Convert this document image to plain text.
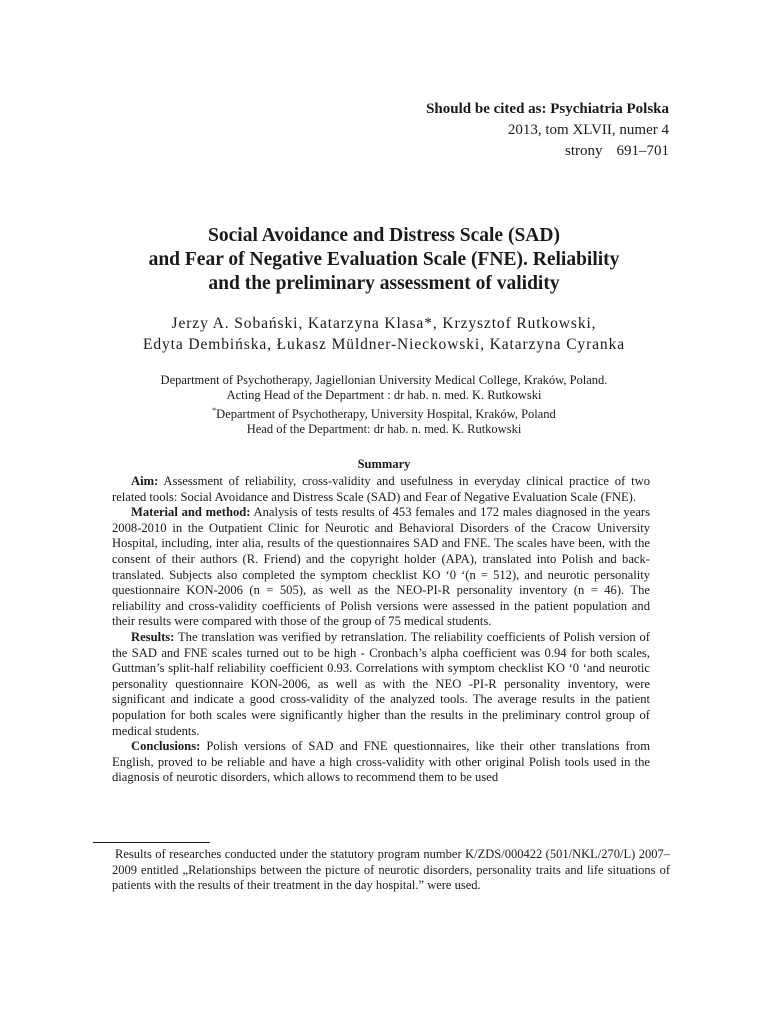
Should be cited as: Psychiatria Polska
2013, tom XLVII, numer 4
strony 691–701
Social Avoidance and Distress Scale (SAD)
and Fear of Negative Evaluation Scale (FNE). Reliability
and the preliminary assessment of validity
Jerzy A. Sobański, Katarzyna Klasa*, Krzysztof Rutkowski,
Edyta Dembińska, Łukasz Müldner-Nieckowski, Katarzyna Cyranka
Department of Psychotherapy, Jagiellonian University Medical College, Kraków, Poland.
Acting Head of the Department : dr hab. n. med. K. Rutkowski
*Department of Psychotherapy, University Hospital, Kraków, Poland
Head of the Department: dr hab. n. med. K. Rutkowski
Summary

Aim: Assessment of reliability, cross-validity and usefulness in everyday clinical practice of two related tools: Social Avoidance and Distress Scale (SAD) and Fear of Negative Evaluation Scale (FNE).

Material and method: Analysis of tests results of 453 females and 172 males diagnosed in the years 2008-2010 in the Outpatient Clinic for Neurotic and Behavioral Disorders of the Cracow University Hospital, including, inter alia, results of the questionnaires SAD and FNE. The scales have been, with the consent of their authors (R. Friend) and the copyright holder (APA), translated into Polish and back-translated. Subjects also completed the symptom checklist KO ‘0 ‘(n = 512), and neurotic personality questionnaire KON-2006 (n = 505), as well as the NEO-PI-R personality inventory (n = 46). The reliability and cross-validity coefficients of Polish versions were assessed in the patient population and their results were compared with those of the group of 75 medical students.

Results: The translation was verified by retranslation. The reliability coefficients of Polish version of the SAD and FNE scales turned out to be high - Cronbach’s alpha coefficient was 0.94 for both scales, Guttman’s split-half reliability coefficient 0.93. Correlations with symptom checklist KO ‘0 ‘and neurotic personality questionnaire KON-2006, as well as with the NEO -PI-R personality inventory, were significant and indicate a good cross-validity of the analyzed tools. The average results in the patient population for both scales were significantly higher than the results in the preliminary control group of medical students.

Conclusions: Polish versions of SAD and FNE questionnaires, like their other translations from English, proved to be reliable and have a high cross-validity with other original Polish tools used in the diagnosis of neurotic disorders, which allows to recommend them to be used

Results of researches conducted under the statutory program number K/ZDS/000422 (501/NKL/270/L) 2007–2009 entitled „Relationships between the picture of neurotic disorders, personality traits and life situations of patients with the results of their treatment in the day hospital.” were used.
